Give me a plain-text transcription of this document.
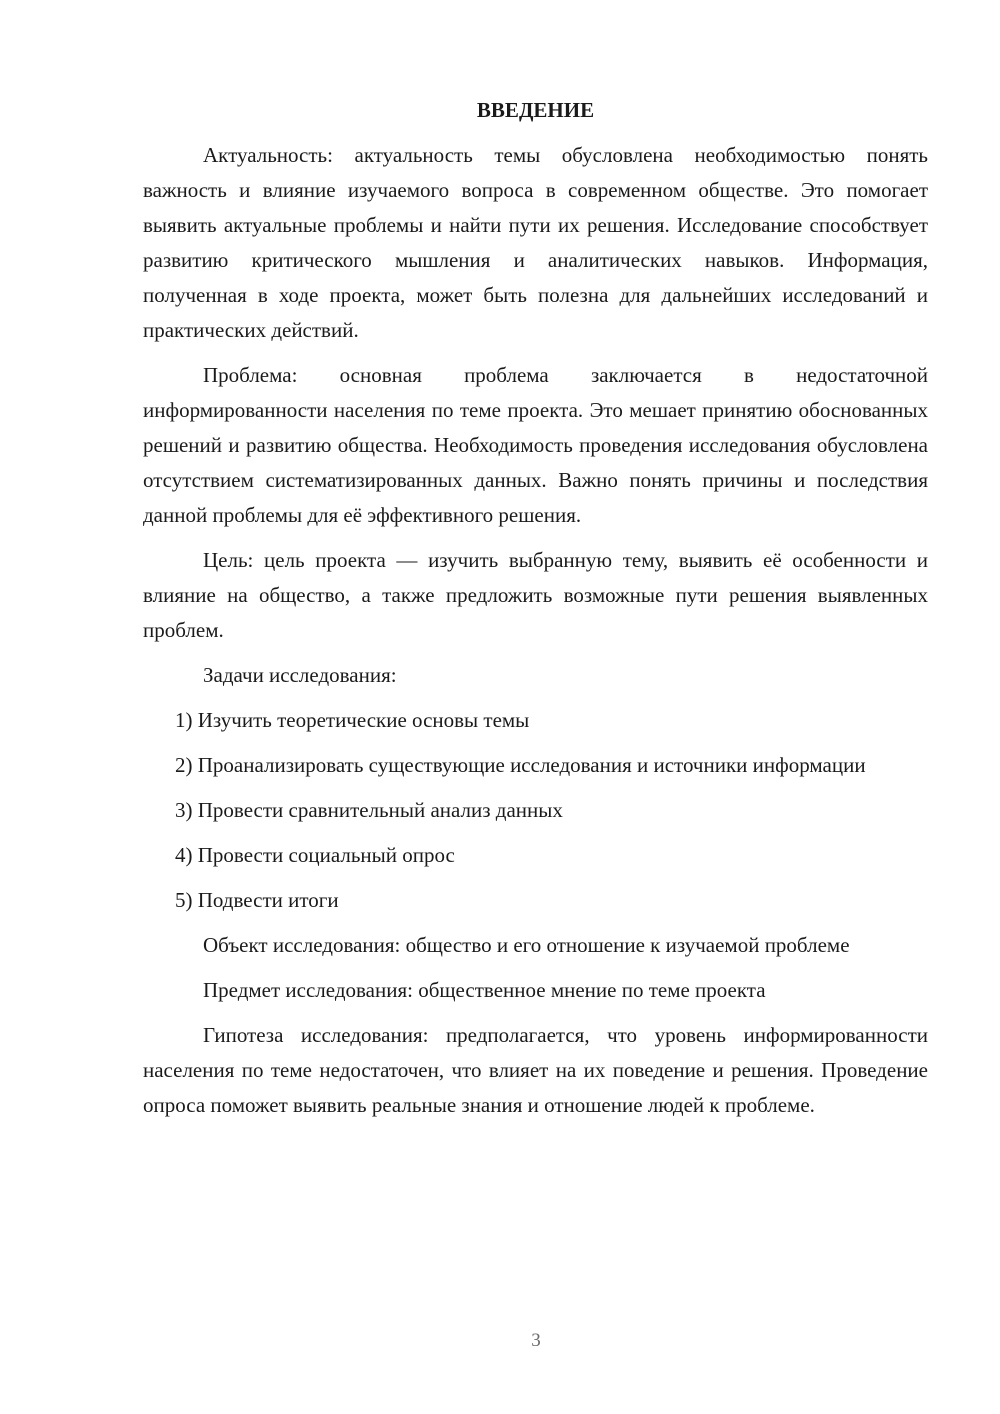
ВВЕДЕНИЕ

Актуальность: актуальность темы обусловлена необходимостью понять важность и влияние изучаемого вопроса в современном обществе. Это помогает выявить актуальные проблемы и найти пути их решения. Исследование способствует развитию критического мышления и аналитических навыков. Информация, полученная в ходе проекта, может быть полезна для дальнейших исследований и практических действий.

Проблема: основная проблема заключается в недостаточной информированности населения по теме проекта. Это мешает принятию обоснованных решений и развитию общества. Необходимость проведения исследования обусловлена отсутствием систематизированных данных. Важно понять причины и последствия данной проблемы для её эффективного решения.

Цель: цель проекта — изучить выбранную тему, выявить её особенности и влияние на общество, а также предложить возможные пути решения выявленных проблем.

Задачи исследования:

1) Изучить теоретические основы темы

2) Проанализировать существующие исследования и источники информации

3) Провести сравнительный анализ данных

4) Провести социальный опрос

5) Подвести итоги

Объект исследования: общество и его отношение к изучаемой проблеме

Предмет исследования: общественное мнение по теме проекта

Гипотеза исследования: предполагается, что уровень информированности населения по теме недостаточен, что влияет на их поведение и решения. Проведение опроса поможет выявить реальные знания и отношение людей к проблеме.

3
